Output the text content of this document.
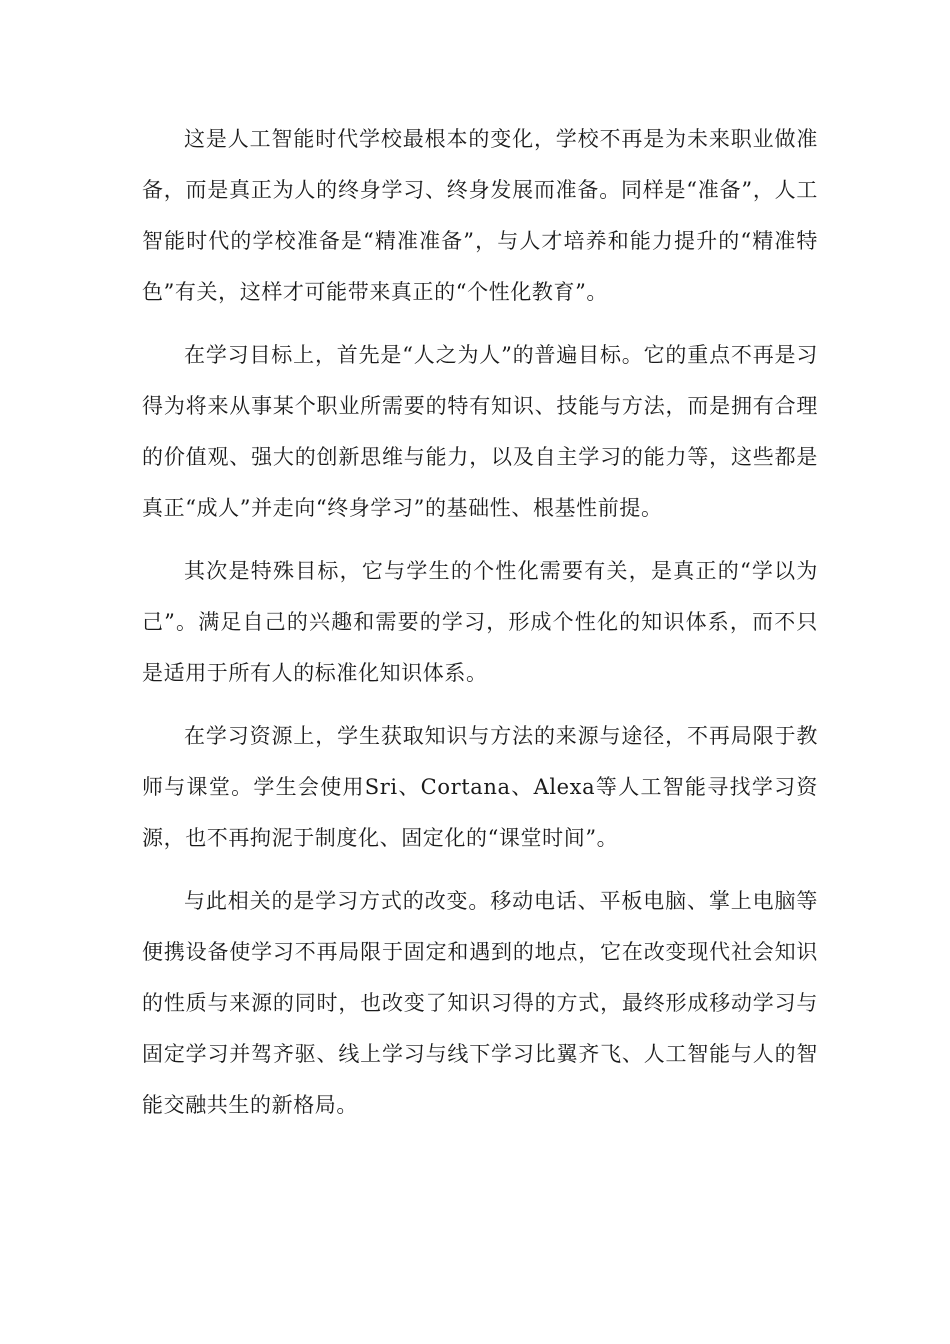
这是人工智能时代学校最根本的变化，学校不再是为未来职业做准备，而是真正为人的终身学习、终身发展而准备。同样是“准备”，人工智能时代的学校准备是“精准准备”，与人才培养和能力提升的“精准特色”有关，这样才可能带来真正的“个性化教育”。

在学习目标上，首先是“人之为人”的普遍目标。它的重点不再是习得为将来从事某个职业所需要的特有知识、技能与方法，而是拥有合理的价值观、强大的创新思维与能力，以及自主学习的能力等，这些都是真正“成人”并走向“终身学习”的基础性、根基性前提。

其次是特殊目标，它与学生的个性化需要有关，是真正的“学以为己”。满足自己的兴趣和需要的学习，形成个性化的知识体系，而不只是适用于所有人的标准化知识体系。

在学习资源上，学生获取知识与方法的来源与途径，不再局限于教师与课堂。学生会使用Sri、Cortana、Alexa等人工智能寻找学习资源，也不再拘泥于制度化、固定化的“课堂时间”。

与此相关的是学习方式的改变。移动电话、平板电脑、掌上电脑等便携设备使学习不再局限于固定和遇到的地点，它在改变现代社会知识的性质与来源的同时，也改变了知识习得的方式，最终形成移动学习与固定学习并驾齐驱、线上学习与线下学习比翼齐飞、人工智能与人的智能交融共生的新格局。
